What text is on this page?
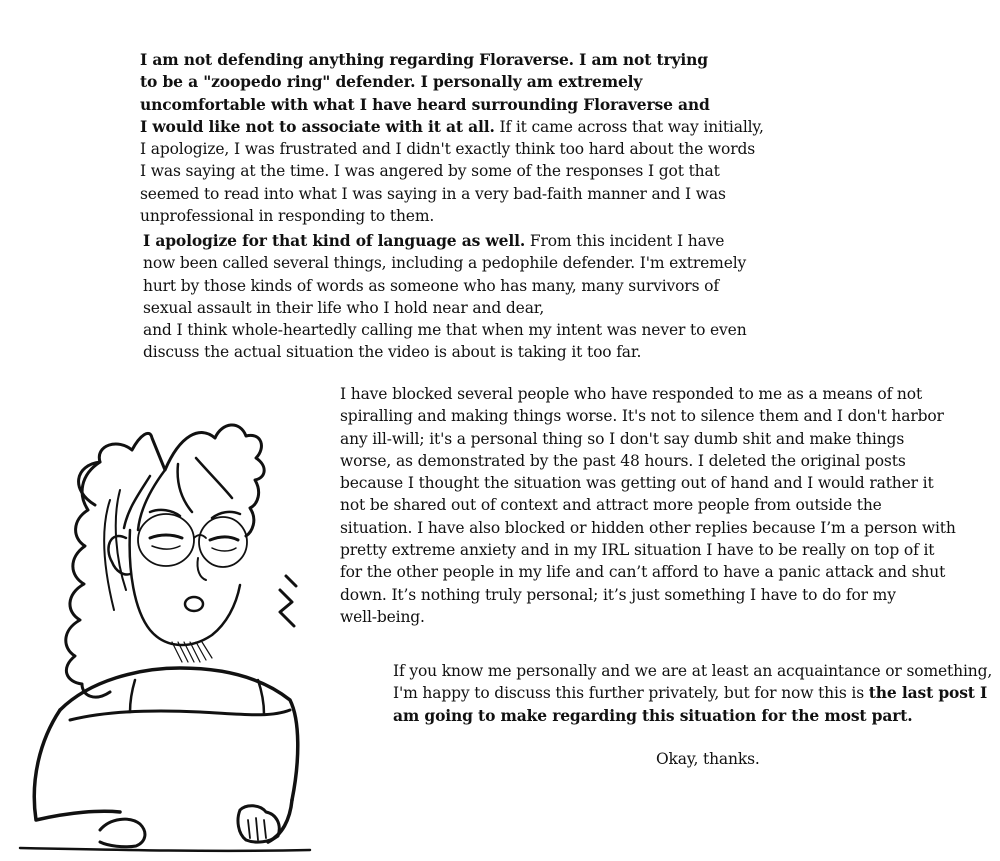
I am not defending anything regarding Floraverse. I am not trying
to be a "zoopedo ring" defender. I personally am extremely
uncomfortable with what I have heard surrounding Floraverse and
I would like not to associate with it at all. If it came across that way initially,
I apologize, I was frustrated and I didn't exactly think too hard about the words
I was saying at the time. I was angered by some of the responses I got that
seemed to read into what I was saying in a very bad-faith manner and I was
unprofessional in responding to them.
I apologize for that kind of language as well. From this incident I have
now been called several things, including a pedophile defender. I'm extremely
hurt by those kinds of words as someone who has many, many survivors of
sexual assault in their life who I hold near and dear,
and I think whole-heartedly calling me that when my intent was never to even
discuss the actual situation the video is about is taking it too far.
I have blocked several people who have responded to me as a means of not
spiralling and making things worse. It's not to silence them and I don't harbor
any ill-will; it's a personal thing so I don't say dumb shit and make things
worse, as demonstrated by the past 48 hours. I deleted the original posts
because I thought the situation was getting out of hand and I would rather it
not be shared out of context and attract more people from outside the
situation. I have also blocked or hidden other replies because I’m a person with
pretty extreme anxiety and in my IRL situation I have to be really on top of it
for the other people in my life and can’t afford to have a panic attack and shut
down. It’s nothing truly personal; it’s just something I have to do for my
well-being.
If you know me personally and we are at least an acquaintance or something,
I'm happy to discuss this further privately, but for now this is the last post I
am going to make regarding this situation for the most part.
Okay, thanks.
